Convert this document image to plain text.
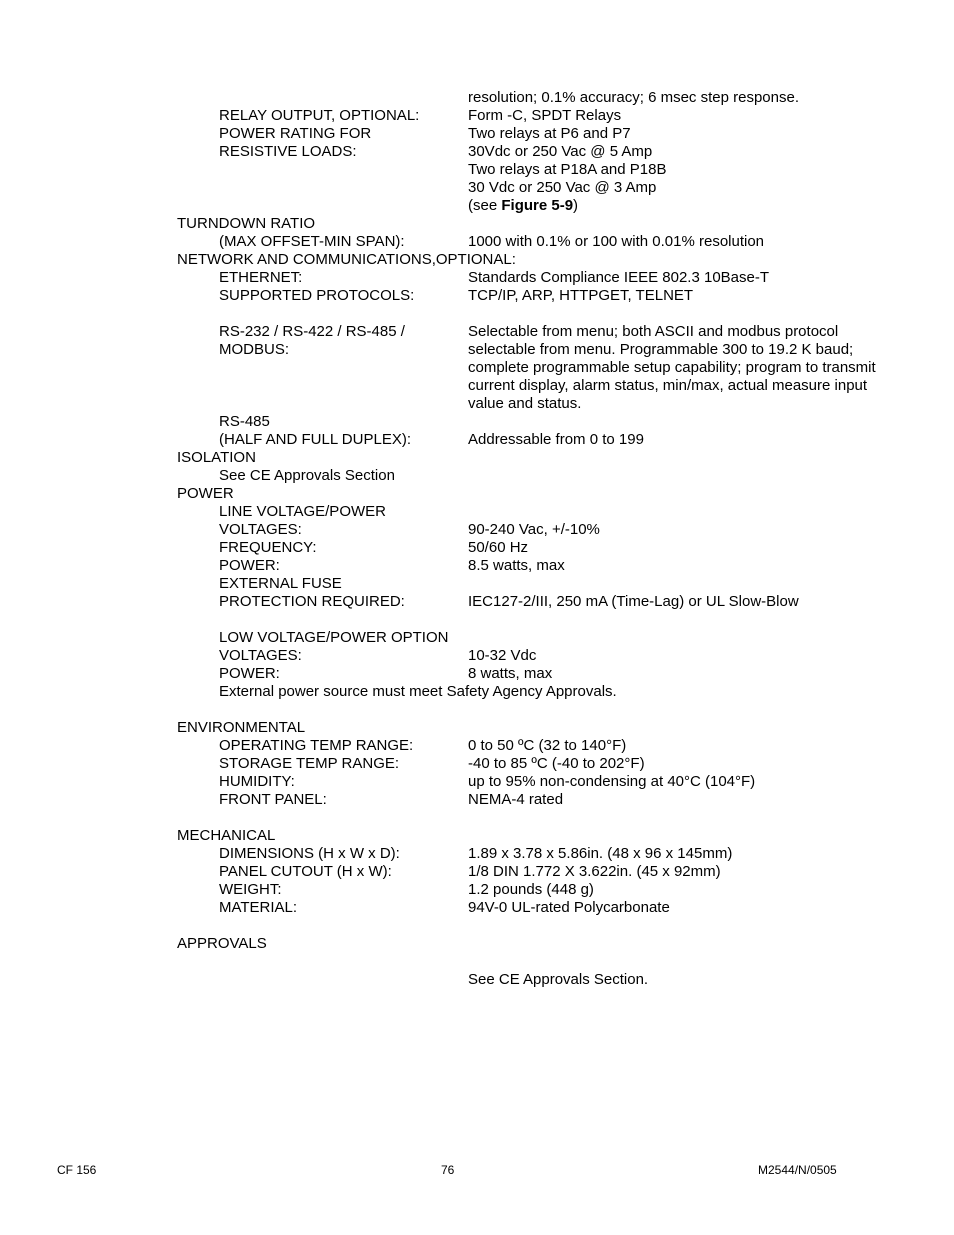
resolution; 0.1% accuracy; 6 msec step response.
RELAY OUTPUT, OPTIONAL:	Form -C, SPDT Relays
POWER RATING FOR	Two relays at P6 and P7
RESISTIVE LOADS:	30Vdc or 250 Vac @ 5 Amp
Two relays at P18A and P18B
30 Vdc or 250 Vac @ 3 Amp
(see Figure 5-9)
TURNDOWN RATIO
(MAX OFFSET-MIN SPAN):	1000 with 0.1% or 100 with 0.01% resolution
NETWORK AND COMMUNICATIONS,OPTIONAL:
ETHERNET:	Standards Compliance IEEE 802.3 10Base-T
SUPPORTED PROTOCOLS:	TCP/IP, ARP, HTTPGET, TELNET
RS-232 / RS-422 / RS-485 /	Selectable from menu; both ASCII and modbus protocol
MODBUS:	selectable from menu. Programmable 300 to 19.2 K baud;
complete programmable setup capability; program to transmit
current display, alarm status, min/max, actual measure input
value and status.
RS-485
(HALF AND FULL DUPLEX):	Addressable from 0 to 199
ISOLATION
See CE Approvals Section
POWER
LINE VOLTAGE/POWER
VOLTAGES:	90-240 Vac, +/-10%
FREQUENCY:	50/60 Hz
POWER:	8.5 watts, max
EXTERNAL FUSE
PROTECTION REQUIRED:	IEC127-2/III, 250 mA (Time-Lag) or UL Slow-Blow
LOW VOLTAGE/POWER OPTION
VOLTAGES:	10-32 Vdc
POWER:	8 watts, max
External power source must meet Safety Agency Approvals.
ENVIRONMENTAL
OPERATING TEMP RANGE:	0 to 50 ºC (32 to 140°F)
STORAGE TEMP RANGE:	-40 to 85 ºC (-40 to 202°F)
HUMIDITY:	up to 95% non-condensing at 40°C (104°F)
FRONT PANEL:	NEMA-4 rated
MECHANICAL
DIMENSIONS (H x W x D):	1.89 x 3.78 x 5.86in. (48 x 96 x 145mm)
PANEL CUTOUT (H x W):	1/8 DIN 1.772 X 3.622in. (45 x 92mm)
WEIGHT:	1.2 pounds (448 g)
MATERIAL:	94V-0 UL-rated Polycarbonate
APPROVALS
See CE Approvals Section.
CF 156	76	M2544/N/0505
